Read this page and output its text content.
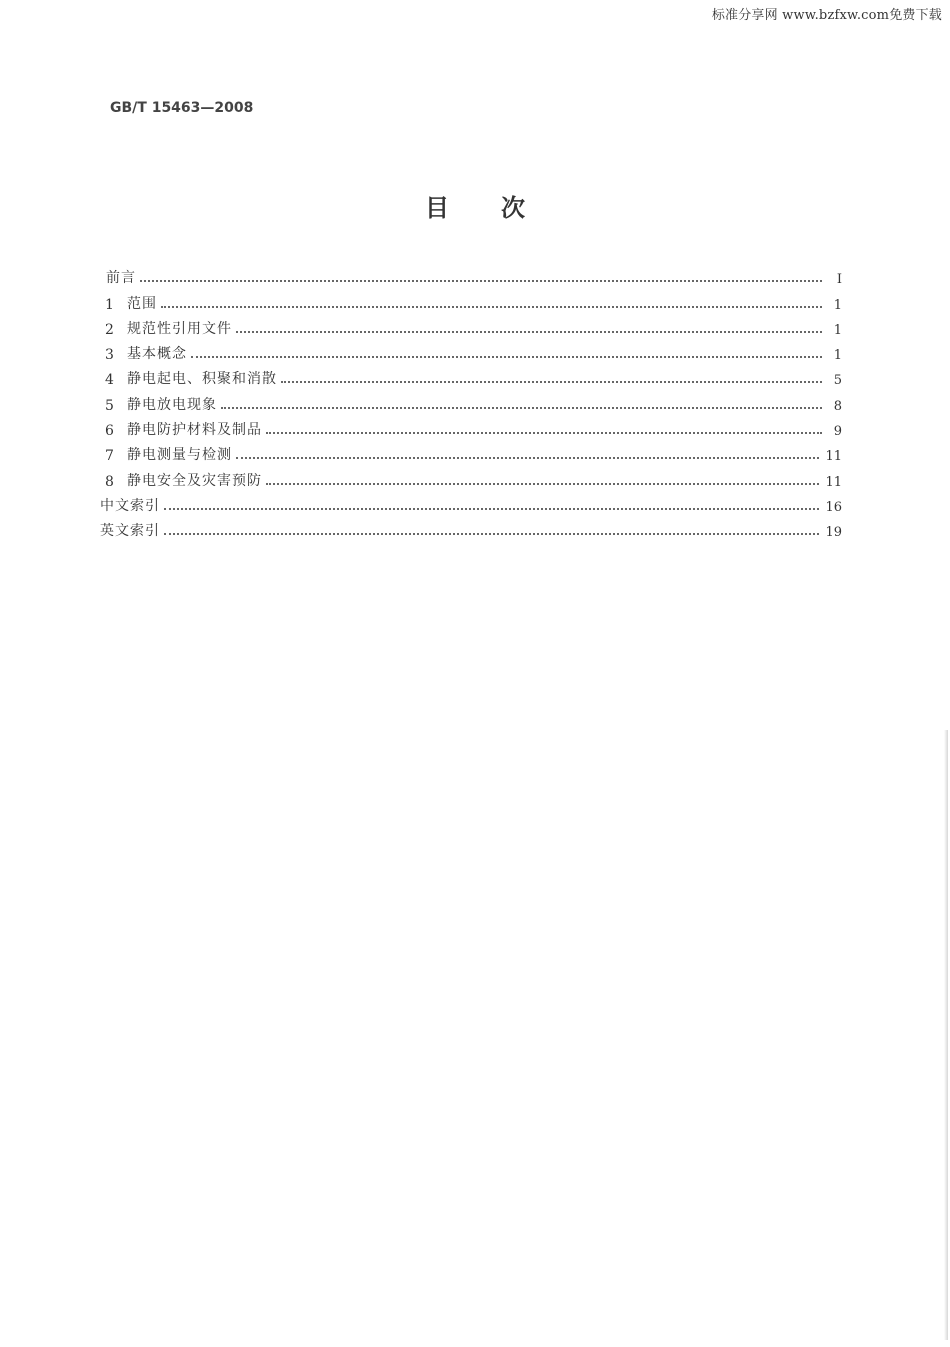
标准分享网 www.bzfxw.com免费下载
GB/T 15463—2008
目次
前言	I
1 范围	1
2 规范性引用文件	1
3 基本概念	1
4 静电起电、积聚和消散	5
5 静电放电现象	8
6 静电防护材料及制品	9
7 静电测量与检测	11
8 静电安全及灾害预防	11
中文索引	16
英文索引	19
